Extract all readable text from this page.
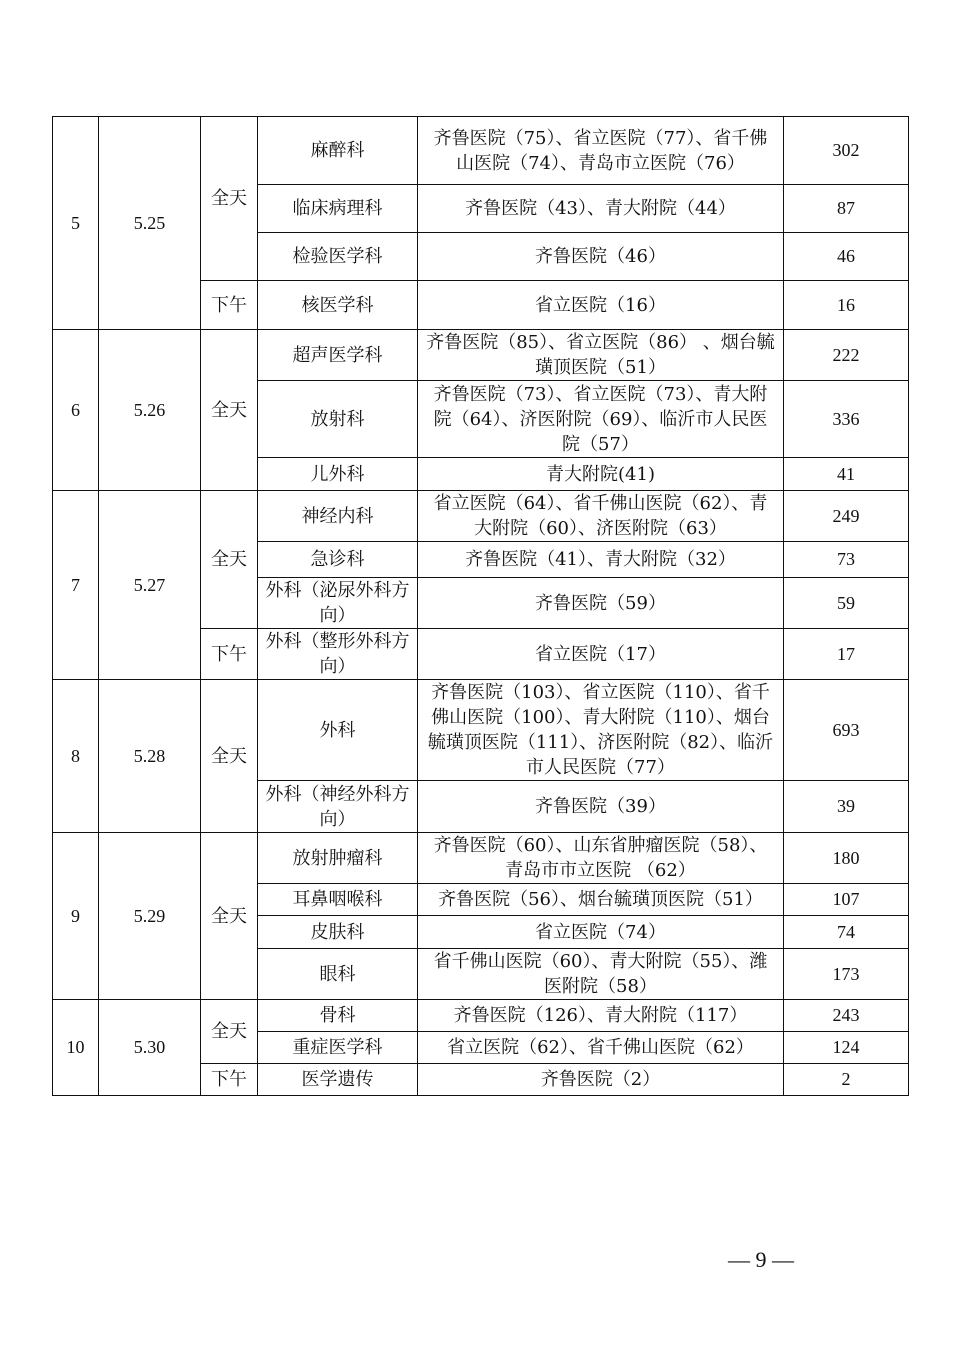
5	5.25	全天	麻醉科	齐鲁医院（75）、省立医院（77）、省千佛山医院（74）、青岛市立医院（76）	302
			临床病理科	齐鲁医院（43）、青大附院（44）	87
			检验医学科	齐鲁医院（46）	46
		下午	核医学科	省立医院（16）	16
6	5.26	全天	超声医学科	齐鲁医院（85）、省立医院（86） 、烟台毓璜顶医院（51）	222
			放射科	齐鲁医院（73）、省立医院（73）、青大附院（64）、济医附院（69）、临沂市人民医院（57）	336
			儿外科	青大附院(41)	41
7	5.27	全天	神经内科	省立医院（64）、省千佛山医院（62）、青大附院（60）、济医附院（63）	249
			急诊科	齐鲁医院（41）、青大附院（32）	73
			外科（泌尿外科方向）	齐鲁医院（59）	59
		下午	外科（整形外科方向）	省立医院（17）	17
8	5.28	全天	外科	齐鲁医院（103）、省立医院（110）、省千佛山医院（100）、青大附院（110）、烟台毓璜顶医院（111）、济医附院（82）、临沂市人民医院（77）	693
			外科（神经外科方向）	齐鲁医院（39）	39
9	5.29	全天	放射肿瘤科	齐鲁医院（60）、山东省肿瘤医院（58）、青岛市市立医院 （62）	180
			耳鼻咽喉科	齐鲁医院（56）、烟台毓璜顶医院（51）	107
			皮肤科	省立医院（74）	74
			眼科	省千佛山医院（60）、青大附院（55）、潍医附院（58）	173
10	5.30	全天	骨科	齐鲁医院（126）、青大附院（117）	243
			重症医学科	省立医院（62）、省千佛山医院（62）	124
		下午	医学遗传	齐鲁医院（2）	2
— 9 —
